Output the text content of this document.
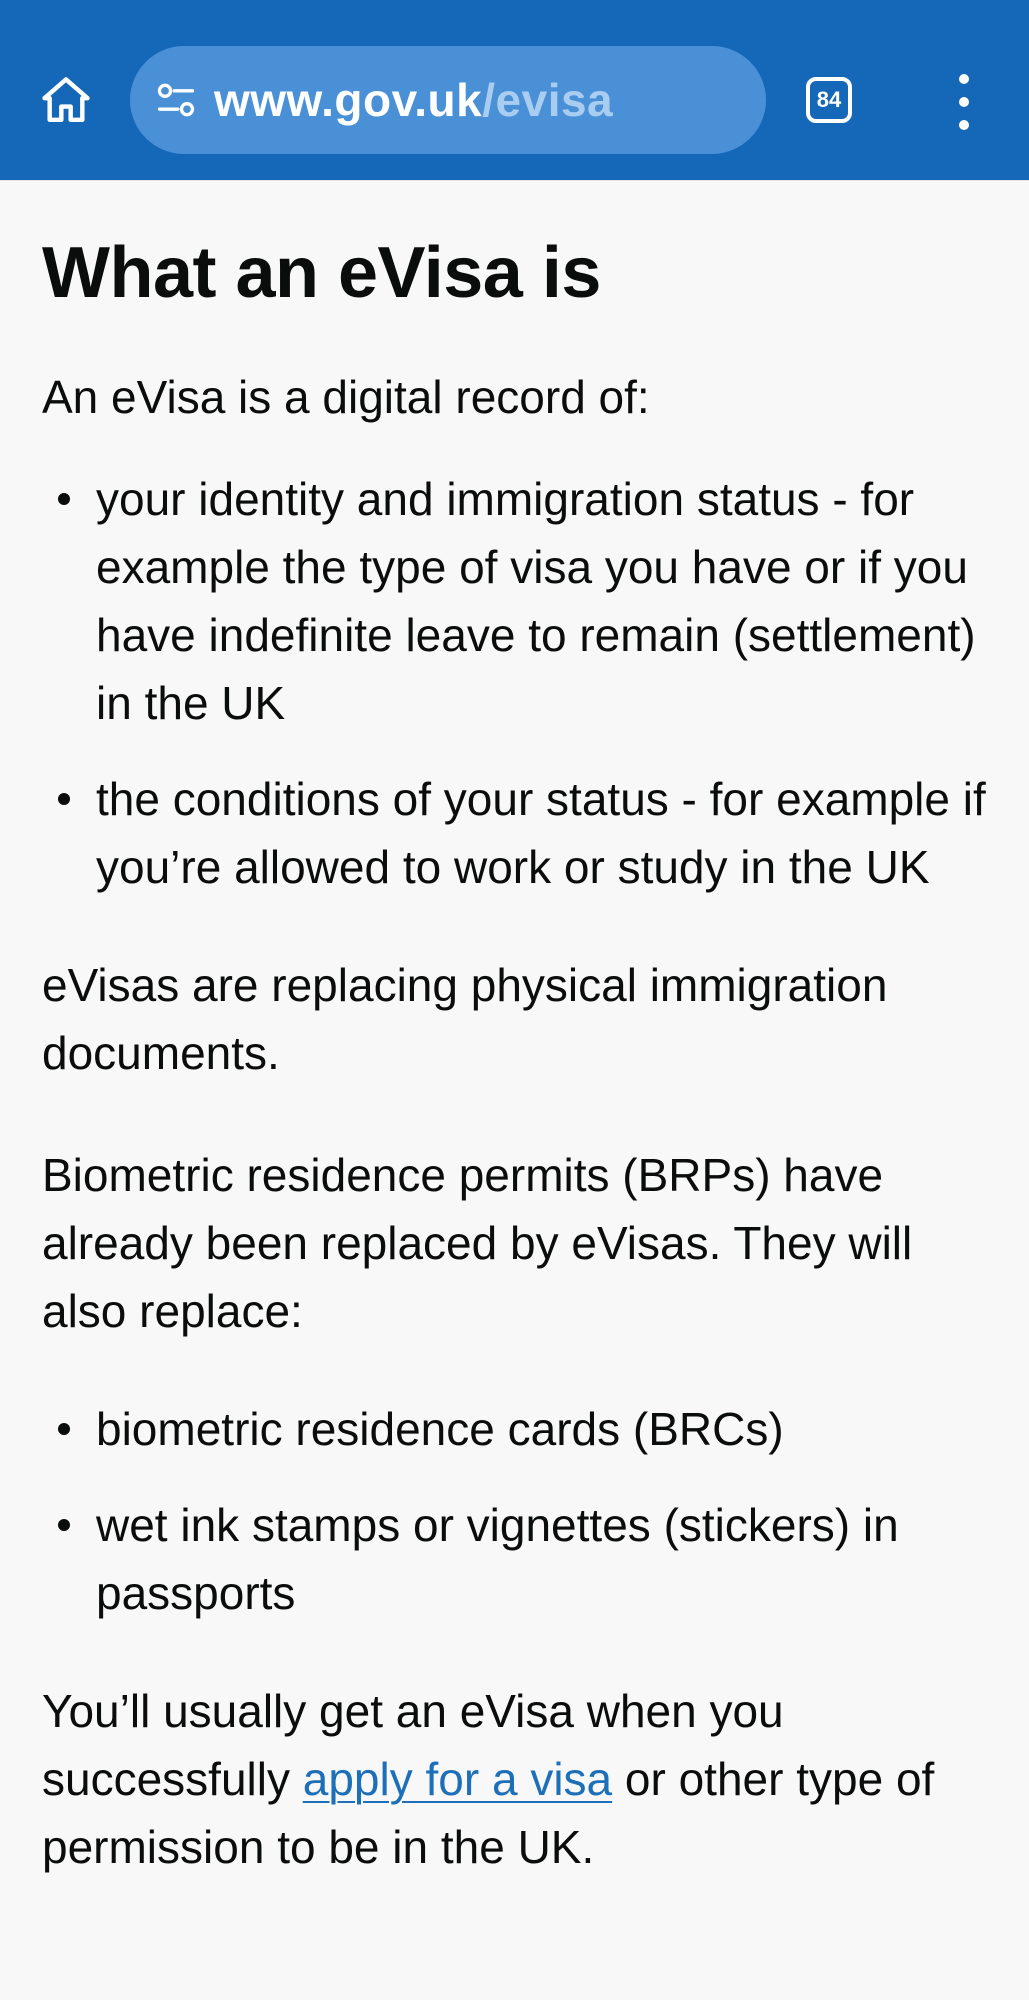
www.gov.uk/evisa	84
What an eVisa is

An eVisa is a digital record of:

your identity and immigration status - for example the type of visa you have or if you have indefinite leave to remain (settlement) in the UK
the conditions of your status - for example if you’re allowed to work or study in the UK

eVisas are replacing physical immigration documents.

Biometric residence permits (BRPs) have already been replaced by eVisas. They will also replace:

biometric residence cards (BRCs)
wet ink stamps or vignettes (stickers) in passports

You’ll usually get an eVisa when you successfully apply for a visa or other type of permission to be in the UK.
